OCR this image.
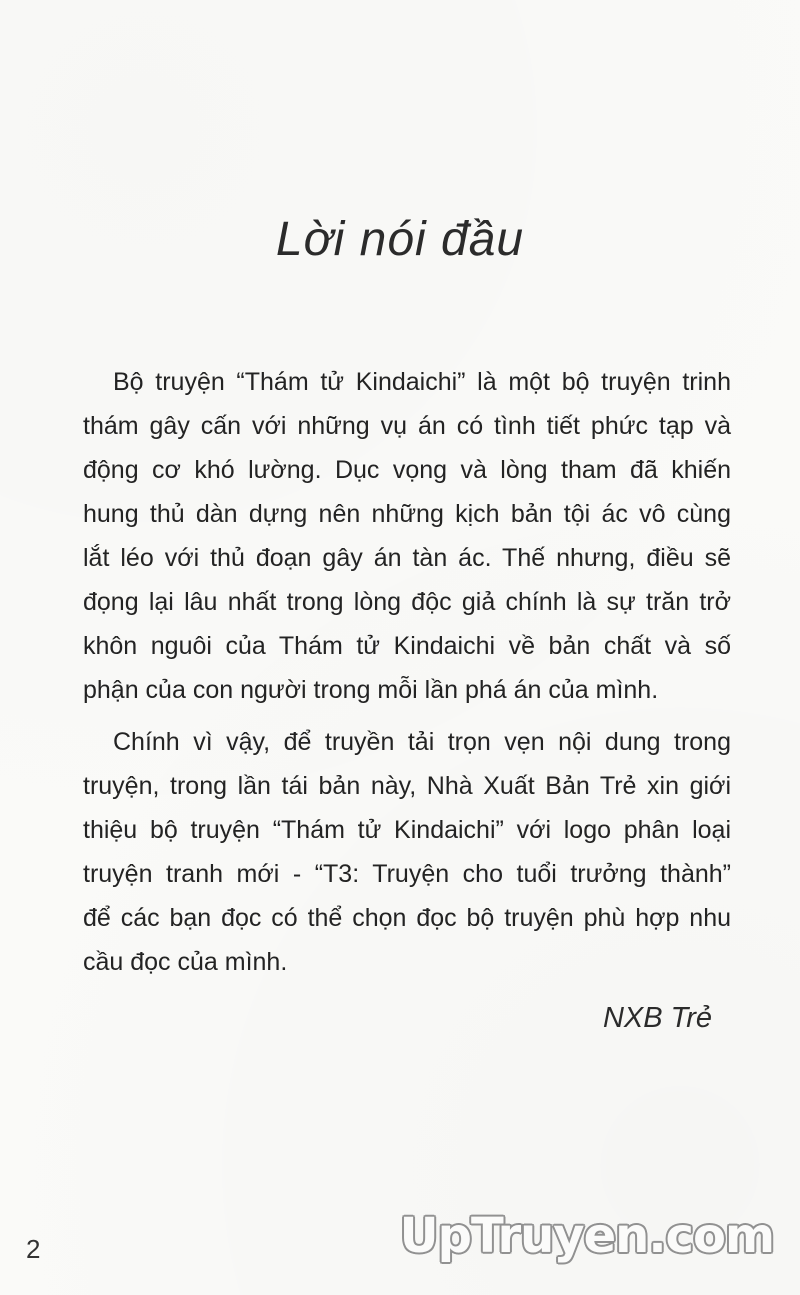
Lời nói đầu
Bộ truyện “Thám tử Kindaichi” là một bộ truyện trinh
thám gây cấn với những vụ án có tình tiết phức tạp và
động cơ khó lường. Dục vọng và lòng tham đã khiến
hung thủ dàn dựng nên những kịch bản tội ác vô cùng
lắt léo với thủ đoạn gây án tàn ác. Thế nhưng, điều sẽ
đọng lại lâu nhất trong lòng độc giả chính là sự trăn trở
khôn nguôi của Thám tử Kindaichi về bản chất và số
phận của con người trong mỗi lần phá án của mình.
Chính vì vậy, để truyền tải trọn vẹn nội dung trong
truyện, trong lần tái bản này, Nhà Xuất Bản Trẻ xin giới
thiệu bộ truyện “Thám tử Kindaichi” với logo phân loại
truyện tranh mới - “T3: Truyện cho tuổi trưởng thành”
để các bạn đọc có thể chọn đọc bộ truyện phù hợp nhu
cầu đọc của mình.
NXB Trẻ
2	UpTruyen.com
